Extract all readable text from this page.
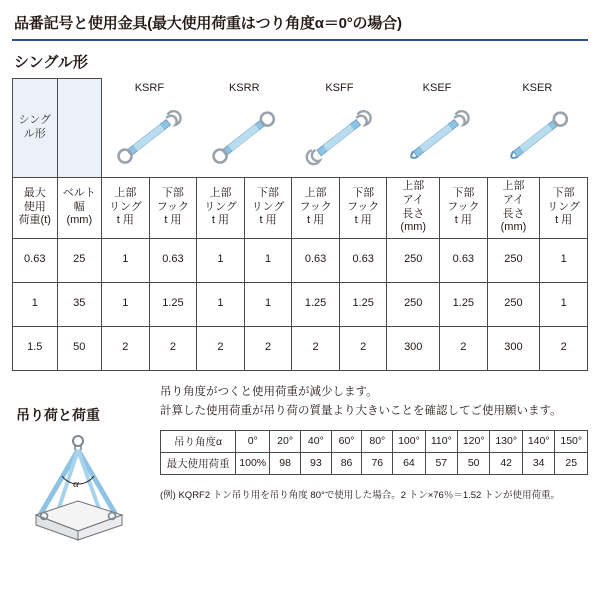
品番記号と使用金具(最大使用荷重はつり角度α＝0°の場合)
シングル形
シングル形		KSRF		KSRR		KSFF		KSEF		KSER	

最大
使用
荷重(t)	ベルト
幅
(mm)	上部
リング
t 用	下部
フック
t 用	上部
リング
t 用	下部
リング
t 用	上部
フック
t 用	下部
フック
t 用	上部
アイ
長さ
(mm)	下部
フック
t 用	上部
アイ
長さ
(mm)	下部
リング
t 用
0.63	25	1	0.63	1	1	0.63	0.63	250	0.63	250	1
1	35	1	1.25	1	1	1.25	1.25	250	1.25	250	1
1.5	50	2	2	2	2	2	2	300	2	300	2
吊り荷と荷重
α
吊り角度がつくと使用荷重が減少します。
計算した使用荷重が吊り荷の質量より大きいことを確認してご使用願います。
吊り角度α	0°	20°	40°	60°	80°	100°	110°	120°	130°	140°	150°
最大使用荷重	100%	98	93	86	76	64	57	50	42	34	25
(例) KQRF2 トン吊り用を吊り角度 80°で使用した場合。2 トン×76％＝1.52 トンが使用荷重。
